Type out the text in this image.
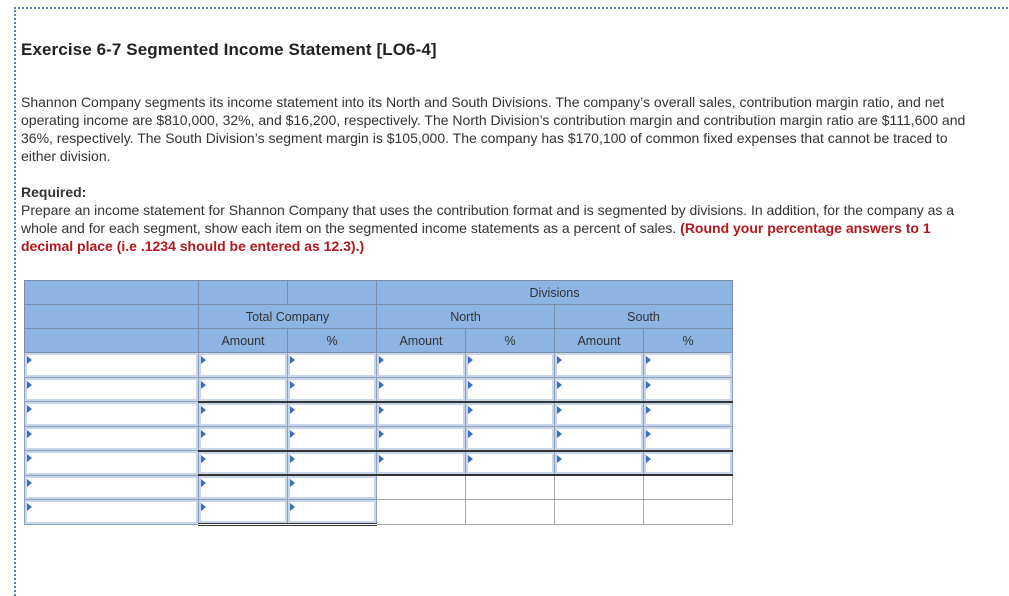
Exercise 6-7 Segmented Income Statement [LO6-4]

Shannon Company segments its income statement into its North and South Divisions. The company’s overall sales, contribution margin ratio, and net operating income are $810,000, 32%, and $16,200, respectively. The North Division’s contribution margin and contribution margin ratio are $111,600 and 36%, respectively. The South Division’s segment margin is $105,000. The company has $170,100 of common fixed expenses that cannot be traced to either division.

Required:

Prepare an income statement for Shannon Company that uses the contribution format and is segmented by divisions. In addition, for the company as a whole and for each segment, show each item on the segmented income statements as a percent of sales. (Round your percentage answers to 1 decimal place (i.e .1234 should be entered as 12.3).)

			Divisions			
	Total Company		North		South	
	Amount	%	Amount	%	Amount	%
